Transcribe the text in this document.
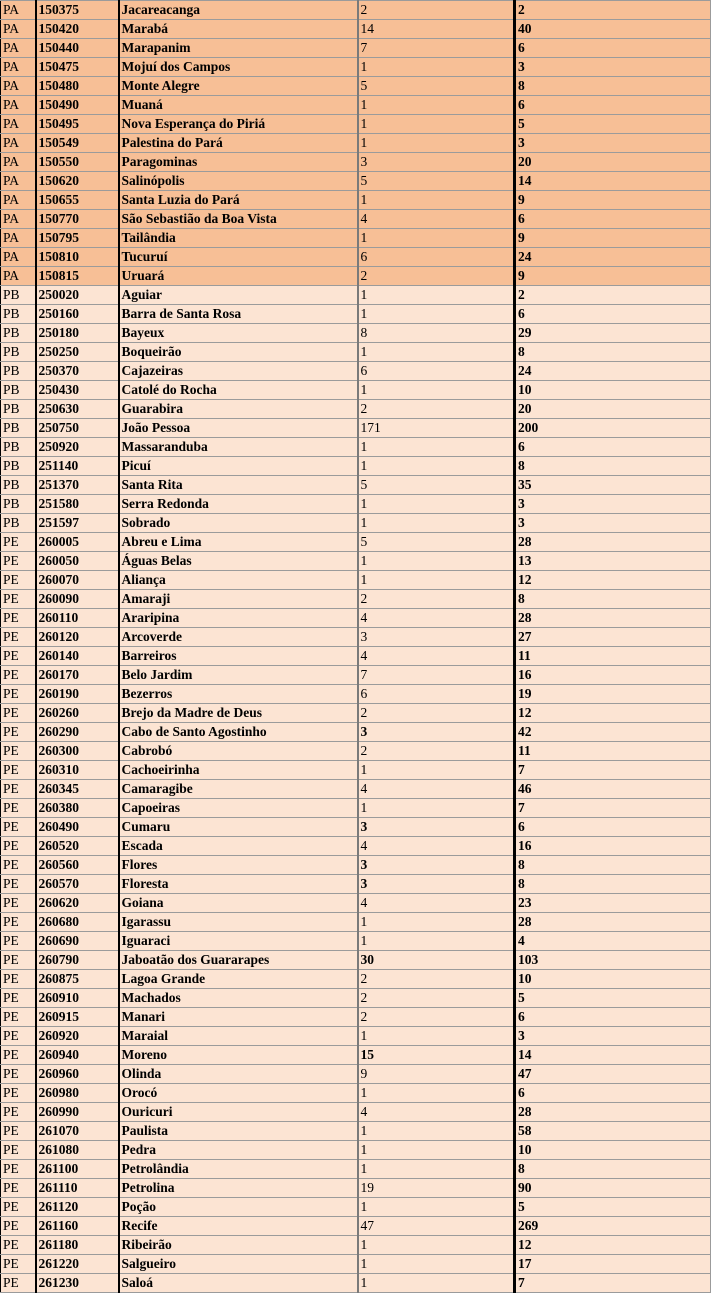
PA	150375	Jacareacanga	2	2
PA	150420	Marabá	14	40
PA	150440	Marapanim	7	6
PA	150475	Mojuí dos Campos	1	3
PA	150480	Monte Alegre	5	8
PA	150490	Muaná	1	6
PA	150495	Nova Esperança do Piriá	1	5
PA	150549	Palestina do Pará	1	3
PA	150550	Paragominas	3	20
PA	150620	Salinópolis	5	14
PA	150655	Santa Luzia do Pará	1	9
PA	150770	São Sebastião da Boa Vista	4	6
PA	150795	Tailândia	1	9
PA	150810	Tucuruí	6	24
PA	150815	Uruará	2	9
PB	250020	Aguiar	1	2
PB	250160	Barra de Santa Rosa	1	6
PB	250180	Bayeux	8	29
PB	250250	Boqueirão	1	8
PB	250370	Cajazeiras	6	24
PB	250430	Catolé do Rocha	1	10
PB	250630	Guarabira	2	20
PB	250750	João Pessoa	171	200
PB	250920	Massaranduba	1	6
PB	251140	Picuí	1	8
PB	251370	Santa Rita	5	35
PB	251580	Serra Redonda	1	3
PB	251597	Sobrado	1	3
PE	260005	Abreu e Lima	5	28
PE	260050	Águas Belas	1	13
PE	260070	Aliança	1	12
PE	260090	Amaraji	2	8
PE	260110	Araripina	4	28
PE	260120	Arcoverde	3	27
PE	260140	Barreiros	4	11
PE	260170	Belo Jardim	7	16
PE	260190	Bezerros	6	19
PE	260260	Brejo da Madre de Deus	2	12
PE	260290	Cabo de Santo Agostinho	3	42
PE	260300	Cabrobó	2	11
PE	260310	Cachoeirinha	1	7
PE	260345	Camaragibe	4	46
PE	260380	Capoeiras	1	7
PE	260490	Cumaru	3	6
PE	260520	Escada	4	16
PE	260560	Flores	3	8
PE	260570	Floresta	3	8
PE	260620	Goiana	4	23
PE	260680	Igarassu	1	28
PE	260690	Iguaraci	1	4
PE	260790	Jaboatão dos Guararapes	30	103
PE	260875	Lagoa Grande	2	10
PE	260910	Machados	2	5
PE	260915	Manari	2	6
PE	260920	Maraial	1	3
PE	260940	Moreno	15	14
PE	260960	Olinda	9	47
PE	260980	Orocó	1	6
PE	260990	Ouricuri	4	28
PE	261070	Paulista	1	58
PE	261080	Pedra	1	10
PE	261100	Petrolândia	1	8
PE	261110	Petrolina	19	90
PE	261120	Poção	1	5
PE	261160	Recife	47	269
PE	261180	Ribeirão	1	12
PE	261220	Salgueiro	1	17
PE	261230	Saloá	1	7
